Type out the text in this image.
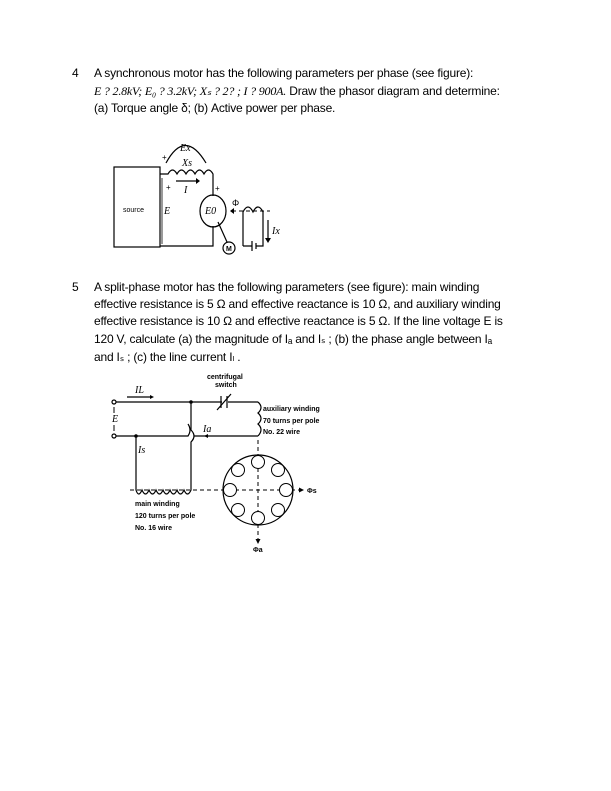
4 A synchronous motor has the following parameters per phase (see figure):
E ? 2.8kV; E₀ ? 3.2kV; Xₛ ? 2? ; I ? 900A. Draw the phasor diagram and determine:
(a) Torque angle δ; (b) Active power per phase.
source	E0
M
Ex
+
Xs
I
+	+
E
Φ
Ix
centrifugal
switch
IL
E
Ia
Is
auxiliary winding
70 turns per pole
No. 22 wire
main winding
120 turns per pole
No. 16 wire
Φs
Φa
5 A split-phase motor has the following parameters (see figure): main winding
effective resistance is 5 Ω and effective reactance is 10 Ω, and auxiliary winding
effective resistance is 10 Ω and effective reactance is 5 Ω. If the line voltage E is
120 V, calculate (a) the magnitude of Iₐ and Iₛ ; (b) the phase angle between Iₐ
and Iₛ ; (c) the line current Iₗ .
